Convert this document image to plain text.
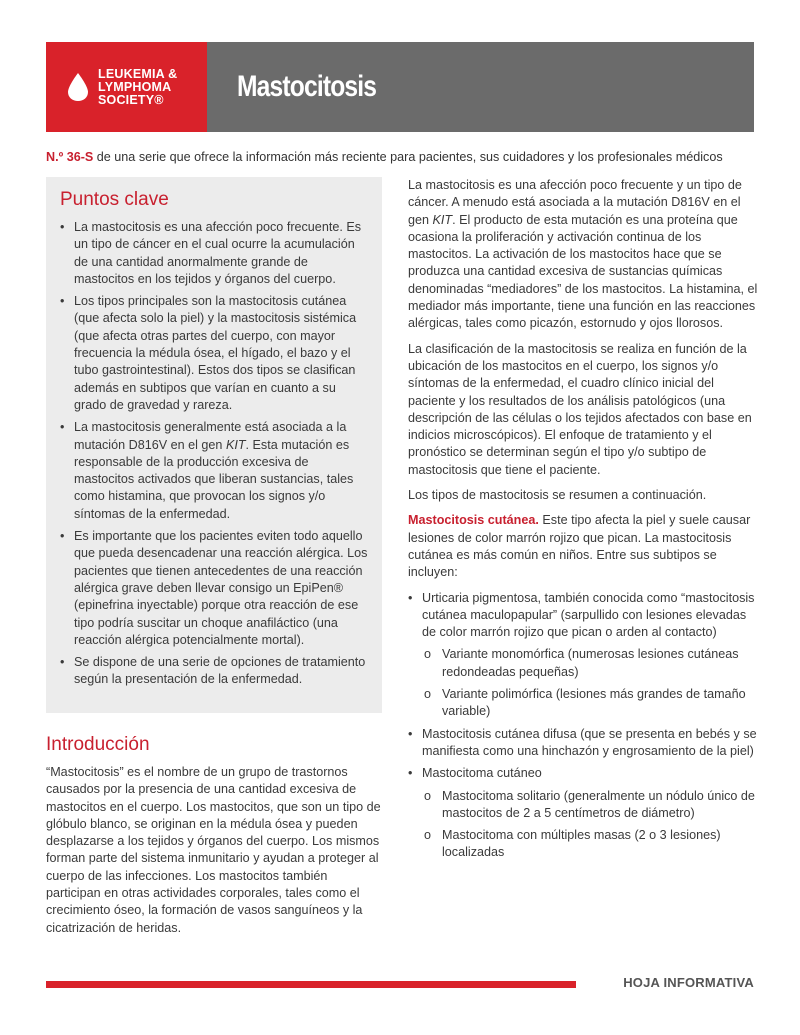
LEUKEMIA &
LYMPHOMA
SOCIETY®	Mastocitosis
N.º 36-S de una serie que ofrece la información más reciente para pacientes, sus cuidadores y los profesionales médicos
Puntos clave
• La mastocitosis es una afección poco frecuente. Es un tipo de cáncer en el cual ocurre la acumulación de una cantidad anormalmente grande de mastocitos en los tejidos y órganos del cuerpo.
• Los tipos principales son la mastocitosis cutánea (que afecta solo la piel) y la mastocitosis sistémica (que afecta otras partes del cuerpo, con mayor frecuencia la médula ósea, el hígado, el bazo y el tubo gastrointestinal). Estos dos tipos se clasifican además en subtipos que varían en cuanto a su grado de gravedad y rareza.
• La mastocitosis generalmente está asociada a la mutación D816V en el gen KIT. Esta mutación es responsable de la producción excesiva de mastocitos activados que liberan sustancias, tales como histamina, que provocan los signos y/o síntomas de la enfermedad.
• Es importante que los pacientes eviten todo aquello que pueda desencadenar una reacción alérgica. Los pacientes que tienen antecedentes de una reacción alérgica grave deben llevar consigo un EpiPen® (epinefrina inyectable) porque otra reacción de ese tipo podría suscitar un choque anafiláctico (una reacción alérgica potencialmente mortal).
• Se dispone de una serie de opciones de tratamiento según la presentación de la enfermedad.
Introducción
“Mastocitosis” es el nombre de un grupo de trastornos causados por la presencia de una cantidad excesiva de mastocitos en el cuerpo. Los mastocitos, que son un tipo de glóbulo blanco, se originan en la médula ósea y pueden desplazarse a los tejidos y órganos del cuerpo. Los mismos forman parte del sistema inmunitario y ayudan a proteger al cuerpo de las infecciones. Los mastocitos también participan en otras actividades corporales, tales como el crecimiento óseo, la formación de vasos sanguíneos y la cicatrización de heridas.
La mastocitosis es una afección poco frecuente y un tipo de cáncer. A menudo está asociada a la mutación D816V en el gen KIT. El producto de esta mutación es una proteína que ocasiona la proliferación y activación continua de los mastocitos. La activación de los mastocitos hace que se produzca una cantidad excesiva de sustancias químicas denominadas “mediadores” de los mastocitos. La histamina, el mediador más importante, tiene una función en las reacciones alérgicas, tales como picazón, estornudo y ojos llorosos.
La clasificación de la mastocitosis se realiza en función de la ubicación de los mastocitos en el cuerpo, los signos y/o síntomas de la enfermedad, el cuadro clínico inicial del paciente y los resultados de los análisis patológicos (una descripción de las células o los tejidos afectados con base en indicios microscópicos). El enfoque de tratamiento y el pronóstico se determinan según el tipo y/o subtipo de mastocitosis que tiene el paciente.
Los tipos de mastocitosis se resumen a continuación.
Mastocitosis cutánea. Este tipo afecta la piel y suele causar lesiones de color marrón rojizo que pican. La mastocitosis cutánea es más común en niños. Entre sus subtipos se incluyen:
• Urticaria pigmentosa, también conocida como “mastocitosis cutánea maculopapular” (sarpullido con lesiones elevadas de color marrón rojizo que pican o arden al contacto)
o Variante monomórfica (numerosas lesiones cutáneas redondeadas pequeñas)
o Variante polimórfica (lesiones más grandes de tamaño variable)
• Mastocitosis cutánea difusa (que se presenta en bebés y se manifiesta como una hinchazón y engrosamiento de la piel)
• Mastocitoma cutáneo
o Mastocitoma solitario (generalmente un nódulo único de mastocitos de 2 a 5 centímetros de diámetro)
o Mastocitoma con múltiples masas (2 o 3 lesiones) localizadas
HOJA INFORMATIVA
